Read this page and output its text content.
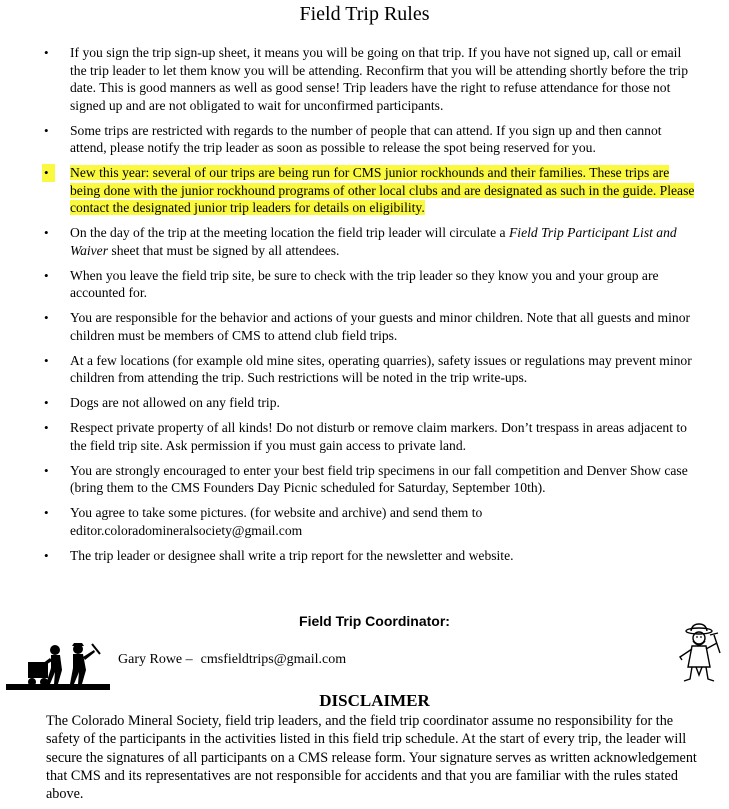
Field Trip Rules
• If you sign the trip sign-up sheet, it means you will be going on that trip. If you have not signed up, call or email the trip leader to let them know you will be attending. Reconfirm that you will be attending shortly before the trip date. This is good manners as well as good sense! Trip leaders have the right to refuse attendance for those not signed up and are not obligated to wait for unconfirmed participants.
• Some trips are restricted with regards to the number of people that can attend. If you sign up and then cannot attend, please notify the trip leader as soon as possible to release the spot being reserved for you.
•	New this year: several of our trips are being run for CMS junior rockhounds and their families. These trips are being done with the junior rockhound programs of other local clubs and are designated as such in the guide. Please contact the designated junior trip leaders for details on eligibility.
• On the day of the trip at the meeting location the field trip leader will circulate a Field Trip Participant List and Waiver sheet that must be signed by all attendees.
• When you leave the field trip site, be sure to check with the trip leader so they know you and your group are accounted for.
• You are responsible for the behavior and actions of your guests and minor children. Note that all guests and minor children must be members of CMS to attend club field trips.
• At a few locations (for example old mine sites, operating quarries), safety issues or regulations may prevent minor children from attending the trip. Such restrictions will be noted in the trip write-ups.
• Dogs are not allowed on any field trip.
• Respect private property of all kinds! Do not disturb or remove claim markers. Don’t trespass in areas adjacent to the field trip site. Ask permission if you must gain access to private land.
• You are strongly encouraged to enter your best field trip specimens in our fall competition and Denver Show case (bring them to the CMS Founders Day Picnic scheduled for Saturday, September 10th).
• You agree to take some pictures. (for website and archive) and send them to editor.coloradomineralsociety@gmail.com
• The trip leader or designee shall write a trip report for the newsletter and website.
Field Trip Coordinator:
Gary Rowe – cmsfieldtrips@gmail.com
DISCLAIMER

The Colorado Mineral Society, field trip leaders, and the field trip coordinator assume no responsibility for the safety of the participants in the activities listed in this field trip schedule. At the start of every trip, the leader will secure the signatures of all participants on a CMS release form. Your signature serves as written acknowledgement that CMS and its representatives are not responsible for accidents and that you are familiar with the rules stated above.
